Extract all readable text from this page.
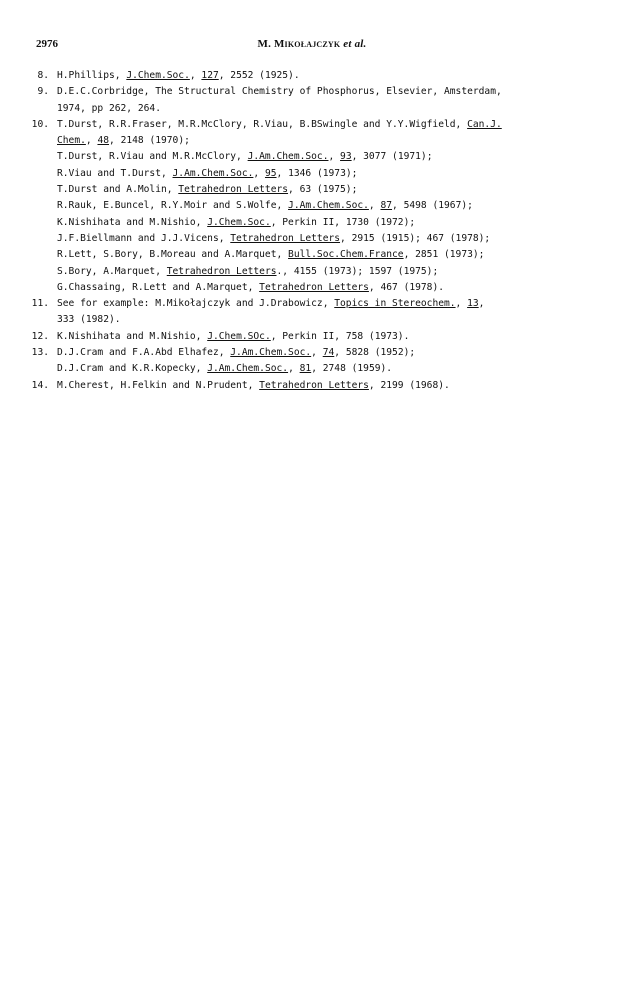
2976	M. Mikołajczyk et al.
8. H.Phillips, J.Chem.Soc., 127, 2552 (1925).
9. D.E.C.Corbridge, The Structural Chemistry of Phosphorus, Elsevier, Amsterdam,
1974, pp 262, 264.
10. T.Durst, R.R.Fraser, M.R.McClory, R.Viau, B.BSwingle and Y.Y.Wigfield, Can.J.
Chem., 48, 2148 (1970);
T.Durst, R.Viau and M.R.McClory, J.Am.Chem.Soc., 93, 3077 (1971);
R.Viau and T.Durst, J.Am.Chem.Soc., 95, 1346 (1973);
T.Durst and A.Molin, Tetrahedron Letters, 63 (1975);
R.Rauk, E.Buncel, R.Y.Moir and S.Wolfe, J.Am.Chem.Soc., 87, 5498 (1967);
K.Nishihata and M.Nishio, J.Chem.Soc., Perkin II, 1730 (1972);
J.F.Biellmann and J.J.Vicens, Tetrahedron Letters, 2915 (1915); 467 (1978);
R.Lett, S.Bory, B.Moreau and A.Marquet, Bull.Soc.Chem.France, 2851 (1973);
S.Bory, A.Marquet, Tetrahedron Letters., 4155 (1973); 1597 (1975);
G.Chassaing, R.Lett and A.Marquet, Tetrahedron Letters, 467 (1978).
11. See for example: M.Mikołajczyk and J.Drabowicz, Topics in Stereochem., 13,
333 (1982).
12. K.Nishihata and M.Nishio, J.Chem.SOc., Perkin II, 758 (1973).
13. D.J.Cram and F.A.Abd Elhafez, J.Am.Chem.Soc., 74, 5828 (1952);
D.J.Cram and K.R.Kopecky, J.Am.Chem.Soc., 81, 2748 (1959).
14. M.Cherest, H.Felkin and N.Prudent, Tetrahedron Letters, 2199 (1968).
